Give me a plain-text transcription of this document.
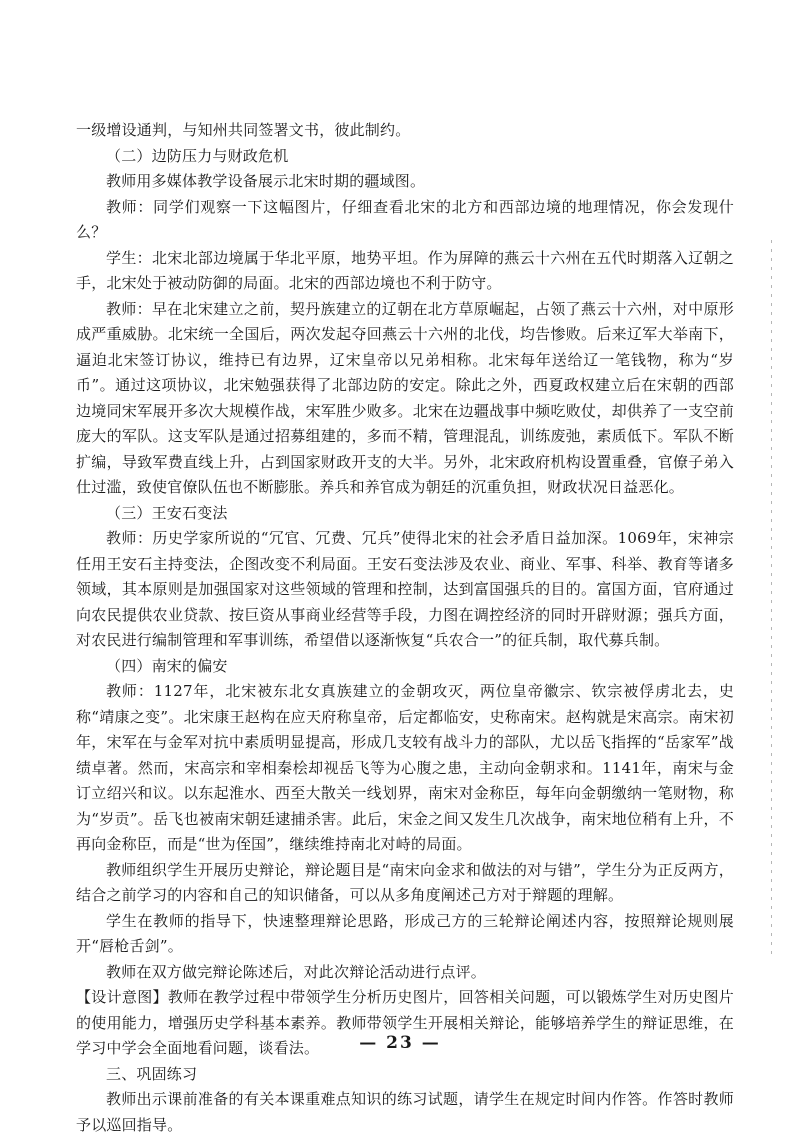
一级增设通判，与知州共同签署文书，彼此制约。

（二）边防压力与财政危机

教师用多媒体教学设备展示北宋时期的疆域图。

教师：同学们观察一下这幅图片，仔细查看北宋的北方和西部边境的地理情况，你会发现什么？

学生：北宋北部边境属于华北平原，地势平坦。作为屏障的燕云十六州在五代时期落入辽朝之手，北宋处于被动防御的局面。北宋的西部边境也不利于防守。

教师：早在北宋建立之前，契丹族建立的辽朝在北方草原崛起，占领了燕云十六州，对中原形成严重威胁。北宋统一全国后，两次发起夺回燕云十六州的北伐，均告惨败。后来辽军大举南下，逼迫北宋签订协议，维持已有边界，辽宋皇帝以兄弟相称。北宋每年送给辽一笔钱物，称为“岁币”。通过这项协议，北宋勉强获得了北部边防的安定。除此之外，西夏政权建立后在宋朝的西部边境同宋军展开多次大规模作战，宋军胜少败多。北宋在边疆战事中频吃败仗，却供养了一支空前庞大的军队。这支军队是通过招募组建的，多而不精，管理混乱，训练废弛，素质低下。军队不断扩编，导致军费直线上升，占到国家财政开支的大半。另外，北宋政府机构设置重叠，官僚子弟入仕过滥，致使官僚队伍也不断膨胀。养兵和养官成为朝廷的沉重负担，财政状况日益恶化。

（三）王安石变法

教师：历史学家所说的“冗官、冗费、冗兵”使得北宋的社会矛盾日益加深。1069年，宋神宗任用王安石主持变法，企图改变不利局面。王安石变法涉及农业、商业、军事、科举、教育等诸多领域，其本原则是加强国家对这些领域的管理和控制，达到富国强兵的目的。富国方面，官府通过向农民提供农业贷款、按巨资从事商业经营等手段，力图在调控经济的同时开辟财源；强兵方面，对农民进行编制管理和军事训练，希望借以逐渐恢复“兵农合一”的征兵制，取代募兵制。

（四）南宋的偏安

教师：1127年，北宋被东北女真族建立的金朝攻灭，两位皇帝徽宗、钦宗被俘虏北去，史称“靖康之变”。北宋康王赵构在应天府称皇帝，后定都临安，史称南宋。赵构就是宋高宗。南宋初年，宋军在与金军对抗中素质明显提高，形成几支较有战斗力的部队，尤以岳飞指挥的“岳家军”战绩卓著。然而，宋高宗和宰相秦桧却视岳飞等为心腹之患，主动向金朝求和。1141年，南宋与金订立绍兴和议。以东起淮水、西至大散关一线划界，南宋对金称臣，每年向金朝缴纳一笔财物，称为“岁贡”。岳飞也被南宋朝廷逮捕杀害。此后，宋金之间又发生几次战争，南宋地位稍有上升，不再向金称臣，而是“世为侄国”，继续维持南北对峙的局面。

教师组织学生开展历史辩论，辩论题目是“南宋向金求和做法的对与错”，学生分为正反两方，结合之前学习的内容和自己的知识储备，可以从多角度阐述己方对于辩题的理解。

学生在教师的指导下，快速整理辩论思路，形成己方的三轮辩论阐述内容，按照辩论规则展开“唇枪舌剑”。

教师在双方做完辩论陈述后，对此次辩论活动进行点评。

【设计意图】教师在教学过程中带领学生分析历史图片，回答相关问题，可以锻炼学生对历史图片的使用能力，增强历史学科基本素养。教师带领学生开展相关辩论，能够培养学生的辩证思维，在学习中学会全面地看问题，谈看法。

三、巩固练习

教师出示课前准备的有关本课重难点知识的练习试题，请学生在规定时间内作答。作答时教师予以巡回指导。

— 23 —
